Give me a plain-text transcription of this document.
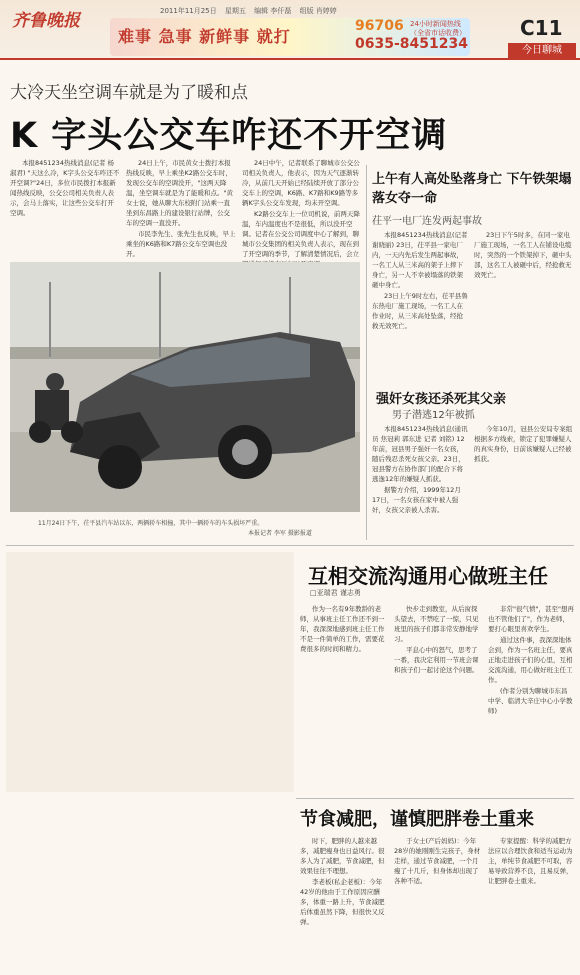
齐鲁晚报	2011年11月25日 星期五 编辑 李仟磊 组版 肖婷婷
难事 急事 新鲜事 就打
96706 24小时新闻热线（全省市话收费）
0635-8451234
C11
今日聊城
大冷天坐空调车就是为了暖和点
K 字头公交车咋还不开空调

本报8451234热线消息(记者 杨淑君) "天这么冷，K字头公交车咋还不开空调?"24日，多位市民拨打本报新闻热线反映，公交公司相关负责人表示，会马上落实，让这些公交车打开空调。

24日上午，市民黄女士拨打本报热线反映，早上乘坐K2路公交车时，发现公交车的空调没开，"这两天降温，坐空调车就是为了能暖和点。"黄女士说，她从聊大东校附门站乘一直坐到东昌路上的建设银行站牌，公交车的空调一直没开。

市民李先生、张先生也反映，早上乘坐的K6路和K7路公交车空调也没开。

24日中午，记者联系了聊城市公交公司相关负责人，他表示，因为天气逐渐转冷，从前几天开始已经陆续开放了部分公交车上的空调，K6路、K7路和K9路等多辆K字头公交车发现，均未开空调。

K2路公交车上一位司机说，前两天降温，车内温度也不是很低，所以没开空调。记者在公交公司调度中心了解到，聊城市公交集团的相关负责人表示，现在到了开空调的季节，了解清楚情况后，会立

11月24日下午，茌平县汽车站以东，两辆轿车相撞，其中一辆轿车的车头损坏严重。
本报记者 李军 摄影报道
上午有人高处坠落身亡 下午铁架塌落女夺一命
茌平一电厂连发两起事故

本报8451234热线消息(记者 谢晓丽) 23日，茌平县一家电厂内，一天内先后发生两起事故，一名工人从三米高的架子上摔下身亡，另一人不幸被塌落的铁架砸中身亡。

23日上午9时左右，茌平县鲁东热电厂施工现场，一名工人在作业时，从三米高处坠落，经抢救无效死亡。

23日下午5时多，在同一家电厂施工现场，一名工人在铺设电缆时，突然的一个铁架掉下，砸中头部，这名工人被砸中后，经抢救无效死亡。

强奸女孩还杀死其父亲
男子潜逃12年被抓

本报8451234热线消息(通讯员 焦冠莉 郭东进 记者 刘铭) 12年前，冠县男子强奸一名女孩，随后残忍杀死女孩父亲。23日，冠县警方在协作部门的配合下将逃逸12年的嫌疑人抓获。

据警方介绍，1999年12月17日，一名女孩在家中被人强奸，女孩父亲被人杀害。

今年10月，冠县公安局专案组根据多方线索，锁定了犯罪嫌疑人的真实身份，日前该嫌疑人已经被抓获。

互相交流沟通用心做班主任
□亚瑞君 谨志勇

作为一名有9年教龄的老师，从事班主任工作还不到一年，我深深地感到班主任工作不是一件简单的工作，需要花费很多的时间和精力。

快步走到教室，从后窗探头望去，不禁吃了一惊，只见班里的孩子们都非常安静地学习。

平息心中的怒气，思考了一番，我决定利用一节班会课和孩子们一起讨论这个问题。

非常"很气愤"，甚至"想再也不管他们了"，作为老师，要打心眼里喜欢学生。

通过这件事，我深深地体会到，作为一名班主任，要真正地走进孩子们的心里，互相交流沟通，用心做好班主任工作。

(作者分别为聊城市东昌中学、临清大辛庄中心小学教师)

节食减肥，谨慎肥胖卷土重来

时下，肥胖的人越来越多，减肥瘦身也日益风行。很多人为了减肥，节食减肥，但效果往往不理想。

李老板(私企老板)：今年42岁的他由于工作原因应酬多，体重一路上升，节食减肥后体重虽然下降，但很快又反弹。

于女士(产后妈妈)：今年28岁的她刚刚生完孩子，身材走样，通过节食减肥，一个月瘦了十几斤，但身体却出现了各种不适。

专家提醒：科学的减肥方法应以合理饮食和适当运动为主，单纯节食减肥不可取，容易导致营养不良，且易反弹，让肥胖卷土重来。
